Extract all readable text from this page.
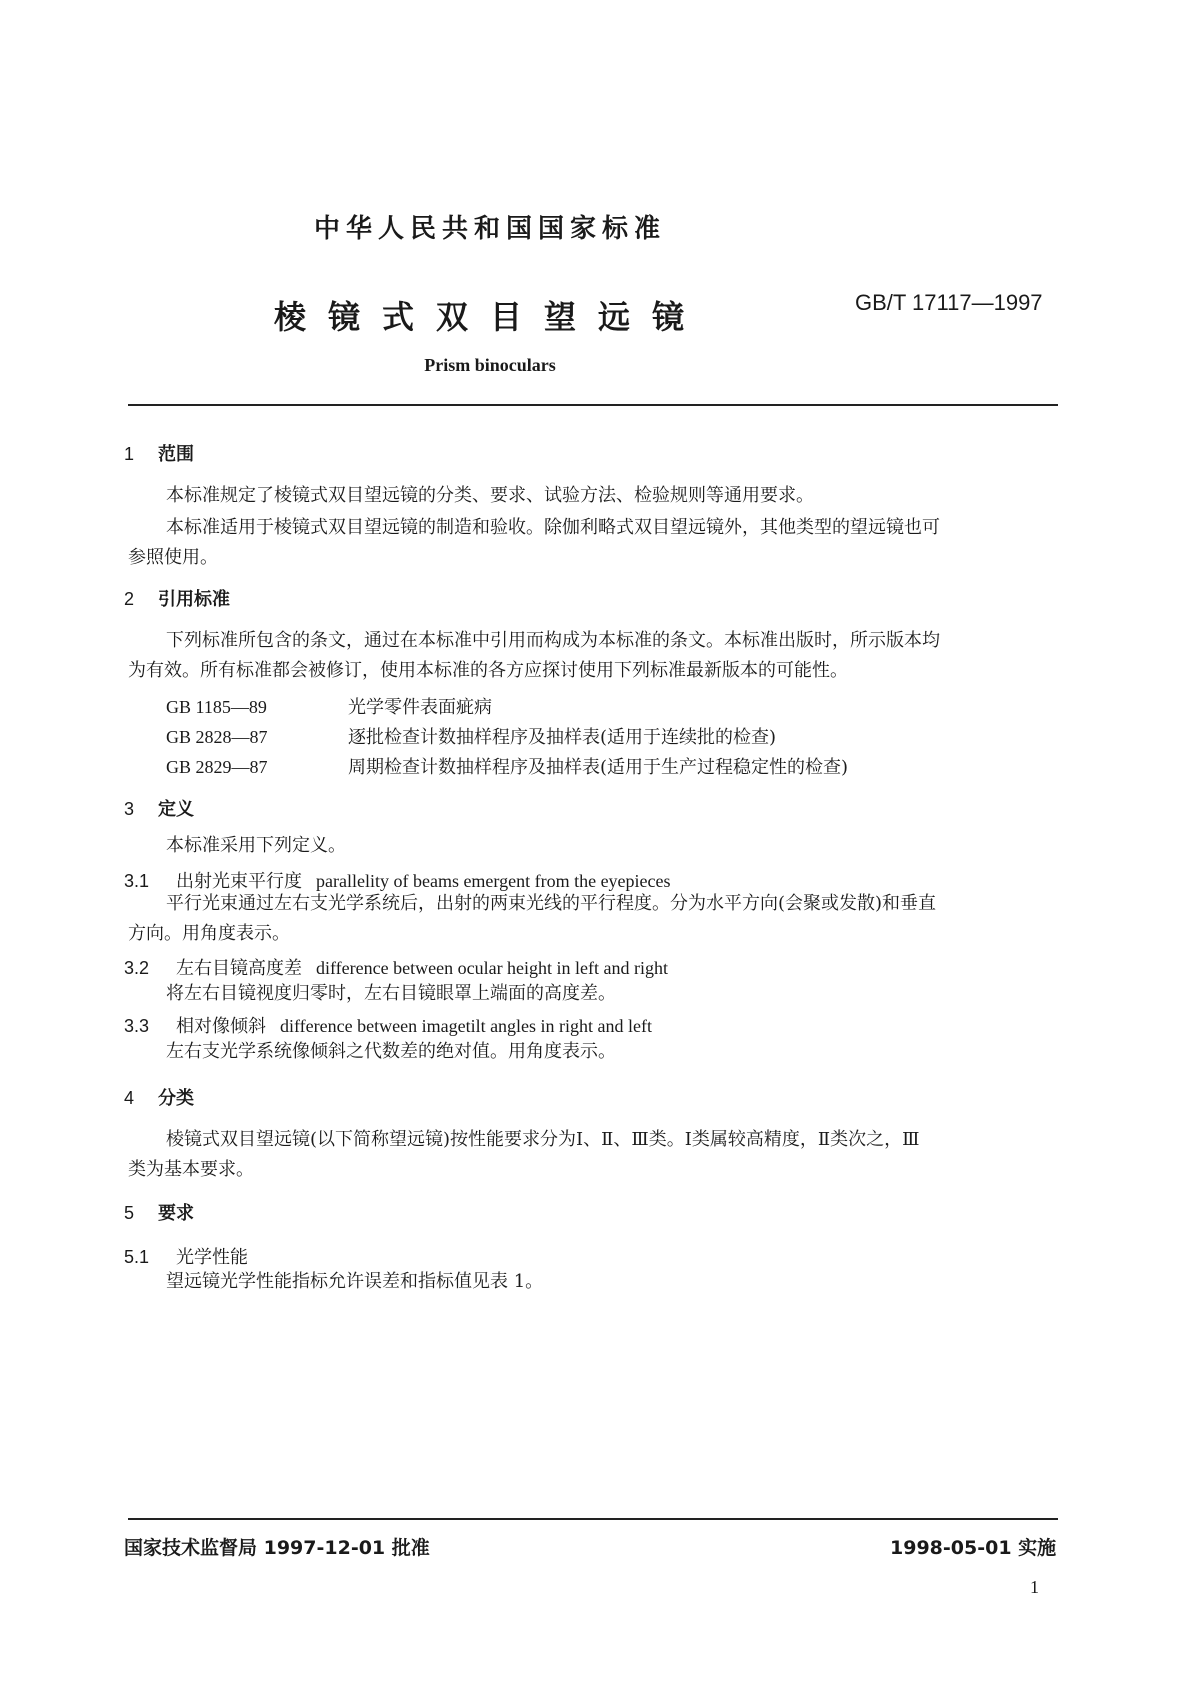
中华人民共和国国家标准
棱镜式双目望远镜	GB/T 17117—1997
Prism binoculars
1 范围
本标准规定了棱镜式双目望远镜的分类、要求、试验方法、检验规则等通用要求。
本标准适用于棱镜式双目望远镜的制造和验收。除伽利略式双目望远镜外，其他类型的望远镜也可
参照使用。
2 引用标准
下列标准所包含的条文，通过在本标准中引用而构成为本标准的条文。本标准出版时，所示版本均
为有效。所有标准都会被修订，使用本标准的各方应探讨使用下列标准最新版本的可能性。
GB 1185—89	光学零件表面疵病
GB 2828—87	逐批检查计数抽样程序及抽样表(适用于连续批的检查)
GB 2829—87	周期检查计数抽样程序及抽样表(适用于生产过程稳定性的检查)
3 定义
本标准采用下列定义。
3.1 出射光束平行度 parallelity of beams emergent from the eyepieces
平行光束通过左右支光学系统后，出射的两束光线的平行程度。分为水平方向(会聚或发散)和垂直
方向。用角度表示。
3.2 左右目镜高度差 difference between ocular height in left and right
将左右目镜视度归零时，左右目镜眼罩上端面的高度差。
3.3 相对像倾斜 difference between imagetilt angles in right and left
左右支光学系统像倾斜之代数差的绝对值。用角度表示。
4 分类
棱镜式双目望远镜(以下简称望远镜)按性能要求分为Ⅰ、Ⅱ、Ⅲ类。Ⅰ类属较高精度，Ⅱ类次之，Ⅲ
类为基本要求。
5 要求
5.1 光学性能
望远镜光学性能指标允许误差和指标值见表 1。
国家技术监督局 1997-12-01 批准	1998-05-01 实施
1
